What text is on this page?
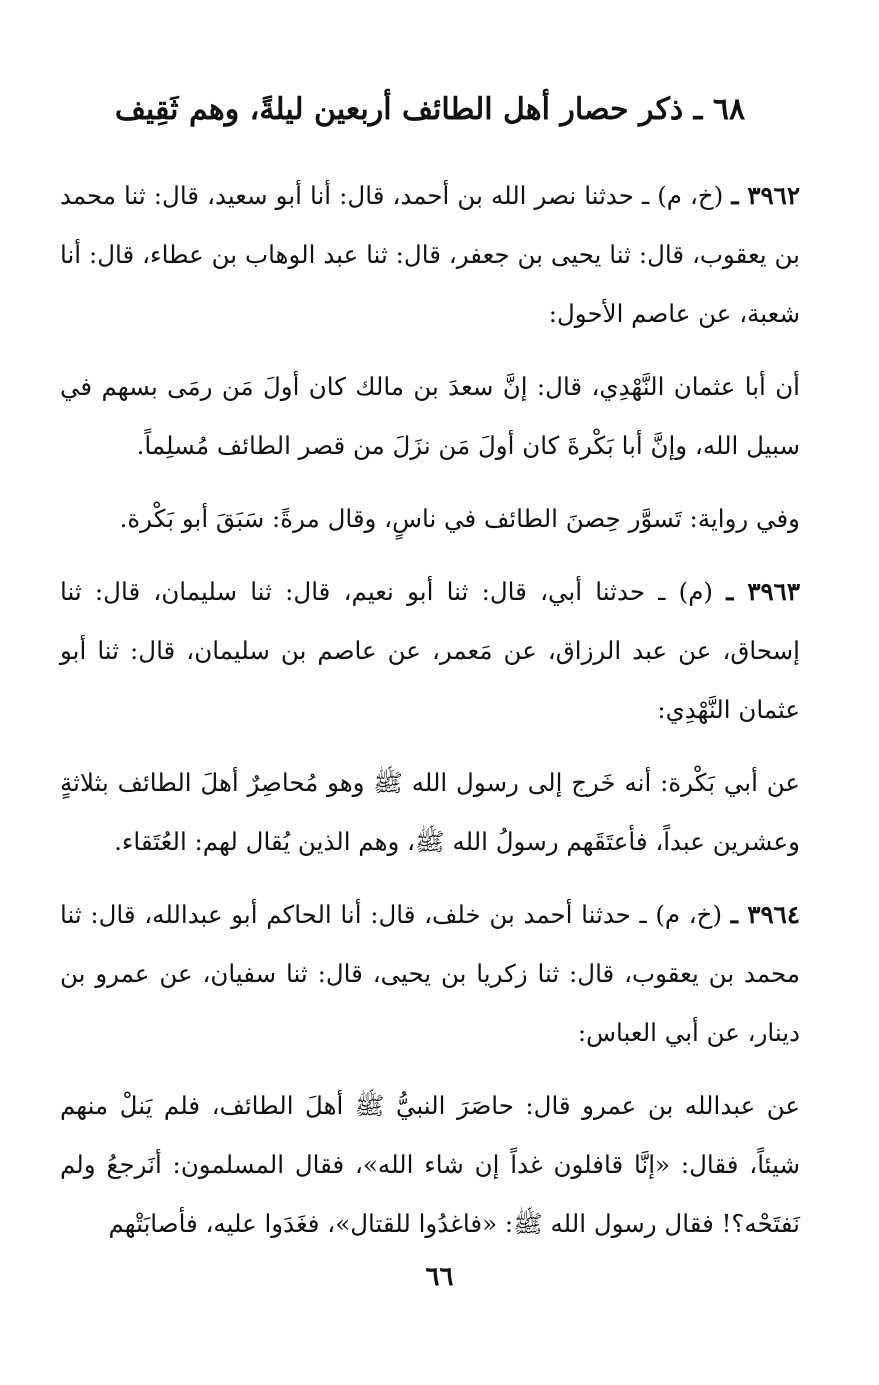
٦٨ ـ ذكر حصار أهل الطائف أربعين ليلةً، وهم ثَقِيف

٣٩٦٢ ـ (خ، م) ـ حدثنا نصر الله بن أحمد، قال: أنا أبو سعيد، قال: ثنا محمد بن يعقوب، قال: ثنا يحيى بن جعفر، قال: ثنا عبد الوهاب بن عطاء، قال: أنا شعبة، عن عاصم الأحول:

أن أبا عثمان النَّهْدِي، قال: إنَّ سعدَ بن مالك كان أولَ مَن رمَى بسهم في سبيل الله، وإنَّ أبا بَكْرةَ كان أولَ مَن نزَلَ من قصر الطائف مُسلِماً.

وفي رواية: تَسوَّر حِصنَ الطائف في ناسٍ، وقال مرةً: سَبَقَ أبو بَكْرة.

٣٩٦٣ ـ (م) ـ حدثنا أبي، قال: ثنا أبو نعيم، قال: ثنا سليمان، قال: ثنا إسحاق، عن عبد الرزاق، عن مَعمر، عن عاصم بن سليمان، قال: ثنا أبو عثمان النَّهْدِي:

عن أبي بَكْرة: أنه خَرج إلى رسول الله ﷺ وهو مُحاصِرٌ أهلَ الطائف بثلاثةٍ وعشرين عبداً، فأعتَقَهم رسولُ الله ﷺ، وهم الذين يُقال لهم: العُتَقاء.

٣٩٦٤ ـ (خ، م) ـ حدثنا أحمد بن خلف، قال: أنا الحاكم أبو عبدالله، قال: ثنا محمد بن يعقوب، قال: ثنا زكريا بن يحيى، قال: ثنا سفيان، عن عمرو بن دينار، عن أبي العباس:

عن عبدالله بن عمرو قال: حاصَرَ النبيُّ ﷺ أهلَ الطائف، فلم يَنلْ منهم شيئاً، فقال: «إنَّا قافلون غداً إن شاء الله»، فقال المسلمون: أنَرجعُ ولم نَفتَحْه؟! فقال رسول الله ﷺ: «فاغدُوا للقتال»، فغَدَوا عليه، فأصابَتْهم

٦٦
